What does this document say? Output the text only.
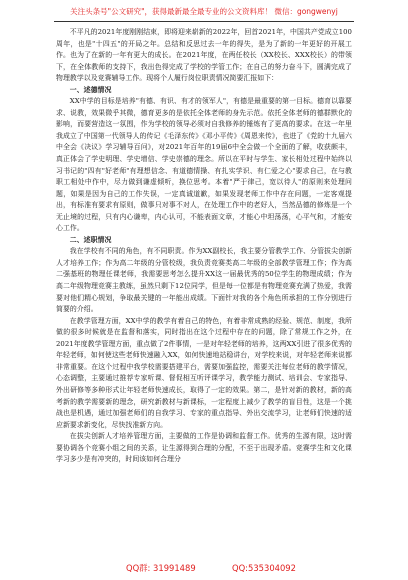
关注头条号"公文研究"，获得最新最全最专业的公文资料库！ 微信：gongwenyj

不平凡的2021年度刚刚结束，即将迎来崭新的2022年，回首2021年，中国共产党成立100周年，也是"十四五"的开局之年。总结和反思过去一年的得失，是为了新的一年更好的开展工作。也为了在新的一年有更大的成长。在2021年度，在两任校长（XX校长、XXX校长）的带领下，在全体教师的支持下，我出色得完成了学校的学管工作；在自己的努力奋斗下，圆满完成了物理教学以及竞赛辅导工作。现将个人履行岗位职责情况简要汇报如下：

一、述德情况

XX中学的目标是培养"有德、有识、有才的领军人"，有德是最重要的第一目标。德育以靠要求、说教，效果微乎其微，德育更多的是依托全体老师的身先示范。依托全体老师的德群默化的影响，而要营造这一氛围，作为学校的领导必须对自我修养的锤炼有了更高的要求。在这一年里我成立了中国第一代领导人的传记《毛泽东传》《邓小平传》《周恩来传》，也进了《党的十九届六中全会《决议》学习辅导百问》，对2021年百年的19届6中全会做一个全面的了解，收获颇丰，真正体会了学史明理、学史增信、学史崇德的理念。所以在平时与学生、家长相处过程中始终以习书记的"四有"好老师"有理想信念、有道德情操、有扎实学识、有仁爱之心"要求自己，在与教职工相处中作中，尽力做到谦虚倾听，换位思考。本着"严于律己，宽以待人"的原则来处理问题，如果是因为自己的工作失误，一定真诚道歉，如果发现老师工作中存在问题，一定客观提出，有标准有要求有原则，做事只对事不对人，在处理工作中的老好人，当然品德的修炼是一个无止境的过程，只有内心谦卑，内心认可，不能表面文章，才能心中坦荡荡，心平气和，才能安心工作。

二、述职情况

我在学校有不同的角色，有不同职责。作为XX副校长，我主要分管教学工作、分管拔尖创新人才培养工作；作为高二年级的分管校级，我负责竞赛类高二年级的全部教学管理工作；作为高二强基班的物理任课老师，我需要思考怎么提升XX这一届最优秀的50位学生的物理成绩；作为高二年级物理竞赛主教练，虽然只剩下12位同学，但是每一位都是有物理竞赛充满了热爱，我需要对他们精心规划，争取最关键的一年能出成绩。下面针对我的各个角色所承担的工作分别进行简要的介绍。

在教学管理方面，XX中学的教学有着自己的特色，有着非常成熟的经验、规范、制度，我所做的很多时候就是在监督和落实，同时指出在这个过程中存在的问题，除了常规工作之外，在2021年度教学管理方面，重点做了2件事情，一是对年轻老师的培养，这两XX引进了很多优秀的年轻老师，如何使这些老师快速融入XX，如何快速地站稳讲台，对学校来说，对年轻老师来说都非常重要。在这个过程中我学校需要搭建平台，需要加强监控，需要关注每位老师的教学情况，心态调整，主要通过推荐专家听课、督促相互听评课学习，教学能力测试、培训会、专家指导、外出研修等多种形式让年轻老师快速成长，取得了一定的效果。第二，是针对新的教材，新的高考新的教学需要新的理念，研究新教材与新课标，一定程度上减少了教学的盲目性，这是一个挑战也是机遇，通过加强老师们的自我学习、专家的重点指导、外出交流学习，让老师们快速的适应新要求新变化，尽快找准新方向。

在拔尖创新人才培养管理方面，主要做的工作是协调和监督工作。优秀的生源有限，这时需要协调各个竞赛小组之间的关系，让生源得到合理的分配，不至于出现矛盾。竞赛学生和文化课学习多少是有冲突的，时间该如何合理分

QQ群: 31991489	QQ:535304092
